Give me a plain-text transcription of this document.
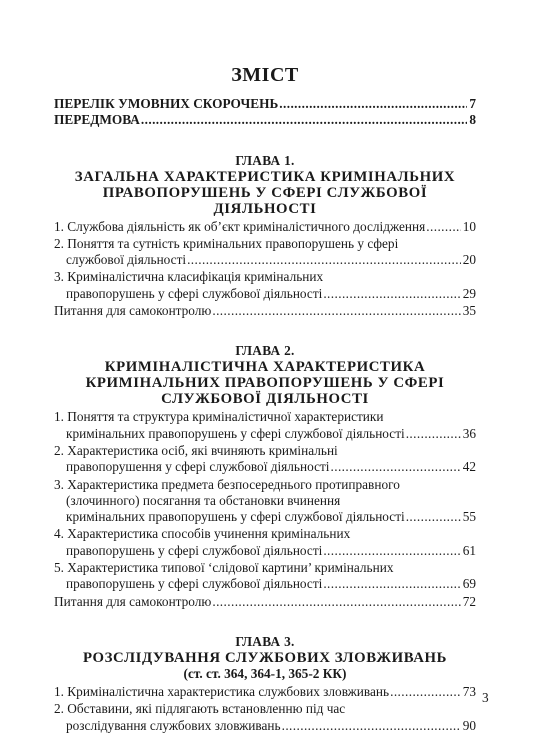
ЗМІСТ
ПЕРЕЛІК УМОВНИХ СКОРОЧЕНЬ .....	7
ПЕРЕДМОВА .....	8
ГЛАВА 1.
ЗАГАЛЬНА ХАРАКТЕРИСТИКА КРИМІНАЛЬНИХ
ПРАВОПОРУШЕНЬ У СФЕРІ СЛУЖБОВОЇ ДІЯЛЬНОСТІ
1. Службова діяльність як об’єкт криміналістичного дослідження .....	10
2. Поняття та сутність кримінальних правопорушень у сфері
службової діяльності .....	20
3. Криміналістична класифікація кримінальних
правопорушень у сфері службової діяльності .....	29
Питання для самоконтролю .....	35
ГЛАВА 2.
КРИМІНАЛІСТИЧНА ХАРАКТЕРИСТИКА
КРИМІНАЛЬНИХ ПРАВОПОРУШЕНЬ У СФЕРІ
СЛУЖБОВОЇ ДІЯЛЬНОСТІ
1. Поняття та структура криміналістичної характеристики
кримінальних правопорушень у сфері службової діяльності .....	36
2. Характеристика осіб, які вчиняють кримінальні
правопорушення у сфері службової діяльності .....	42
3. Характеристика предмета безпосереднього протиправного
(злочинного) посягання та обстановки вчинення
кримінальних правопорушень у сфері службової діяльності .....	55
4. Характеристика способів учинення кримінальних
правопорушень у сфері службової діяльності .....	61
5. Характеристика типової ‘слідової картини’ кримінальних
правопорушень у сфері службової діяльності .....	69
Питання для самоконтролю .....	72
ГЛАВА 3.
РОЗСЛІДУВАННЯ СЛУЖБОВИХ ЗЛОВЖИВАНЬ
(ст. ст. 364, 364-1, 365-2 КК)
1. Криміналістична характеристика службових зловживань .....	73
2. Обставини, які підлягають встановленню під час
розслідування службових зловживань .....	90
3
